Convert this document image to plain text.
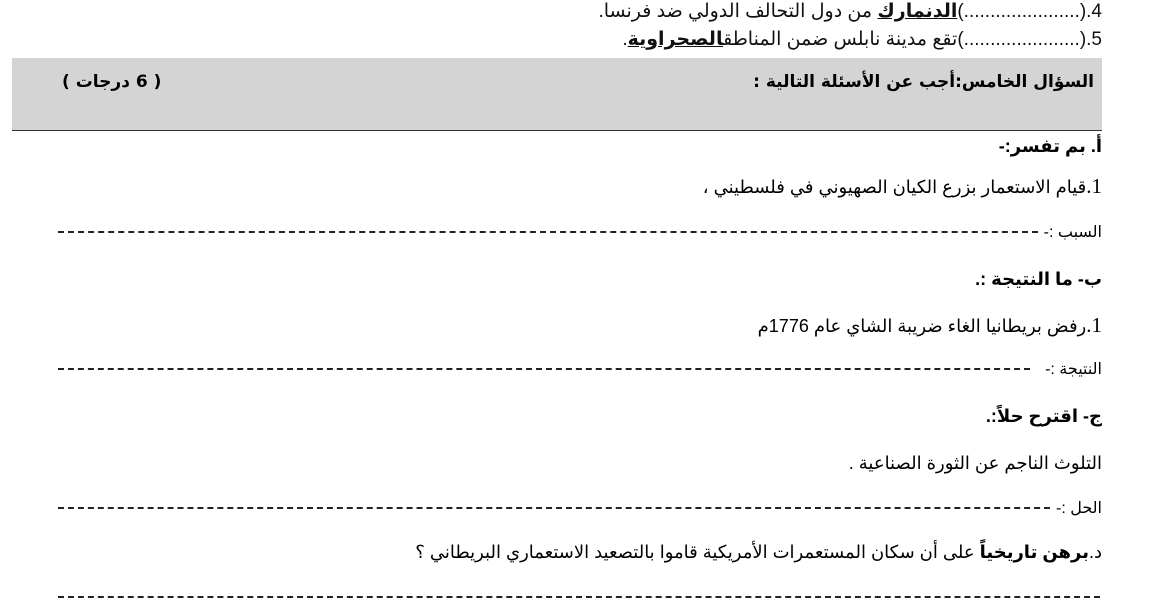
4.(......................)الدنمارك من دول التحالف الدولي ضد فرنسا.
5.(......................)تقع مدينة نابلس ضمن المناطقالصحراوية.
السؤال الخامس:أجب عن الأسئلة التالية :
( 6 درجات )
أ. بم تفسر:-
1.قيام الاستعمار بزرع الكيان الصهيوني في فلسطيني ،
السبب :-
ب- ما النتيجة :.
1.رفض بريطانيا الغاء ضريبة الشاي عام 1776م
النتيجة :-
ج- اقترح حلاً:.
التلوث الناجم عن الثورة الصناعية .
الحل :-
د.برهن تاريخياً على أن سكان المستعمرات الأمريكية قاموا بالتصعيد الاستعماري البريطاني ؟
